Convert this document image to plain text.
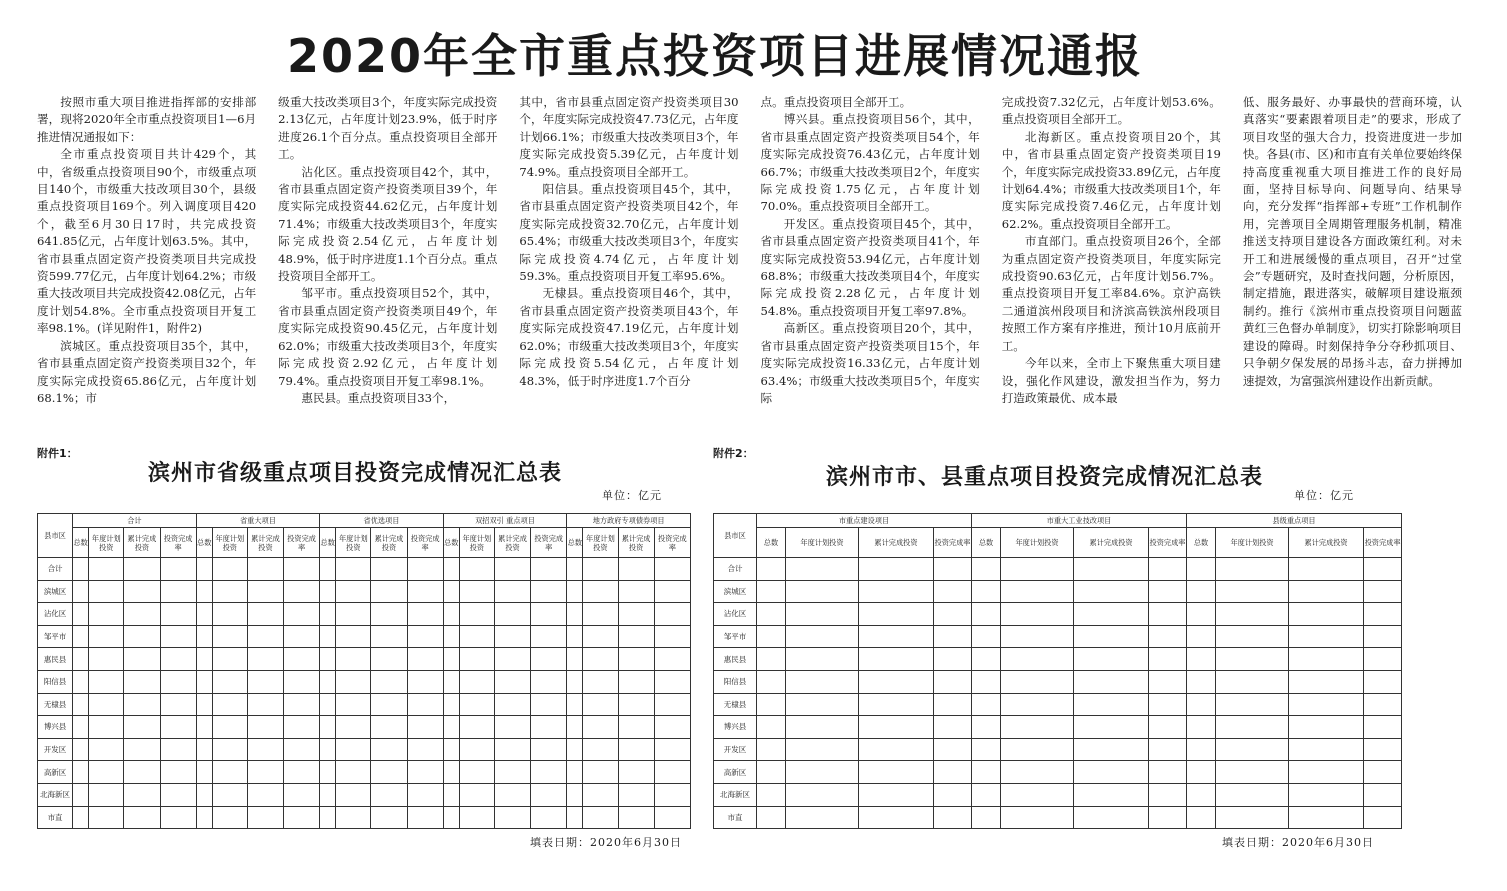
2020年全市重点投资项目进展情况通报

按照市重大项目推进指挥部的安排部署，现将2020年全市重点投资项目1—6月推进情况通报如下：

全市重点投资项目共计429个，其中，省级重点投资项目90个，市级重点项目140个，市级重大技改项目30个，县级重点投资项目169个。列入调度项目420个，截至6月30日17时，共完成投资641.85亿元，占年度计划63.5%。其中，省市县重点固定资产投资类项目共完成投资599.77亿元，占年度计划64.2%；市级重大技改项目共完成投资42.08亿元，占年度计划54.8%。全市重点投资项目开复工率98.1%。(详见附件1，附件2)

滨城区。重点投资项目35个，其中，省市县重点固定资产投资类项目32个，年度实际完成投资65.86亿元，占年度计划68.1%；市

级重大技改类项目3个，年度实际完成投资2.13亿元，占年度计划23.9%，低于时序进度26.1个百分点。重点投资项目全部开工。

沾化区。重点投资项目42个，其中，省市县重点固定资产投资类项目39个，年度实际完成投资44.62亿元，占年度计划71.4%；市级重大技改类项目3个，年度实际完成投资2.54亿元，占年度计划48.9%，低于时序进度1.1个百分点。重点投资项目全部开工。

邹平市。重点投资项目52个，其中，省市县重点固定资产投资类项目49个，年度实际完成投资90.45亿元，占年度计划62.0%；市级重大技改类项目3个，年度实际完成投资2.92亿元，占年度计划79.4%。重点投资项目开复工率98.1%。

惠民县。重点投资项目33个，

其中，省市县重点固定资产投资类项目30个，年度实际完成投资47.73亿元，占年度计划66.1%；市级重大技改类项目3个，年度实际完成投资5.39亿元，占年度计划74.9%。重点投资项目全部开工。

阳信县。重点投资项目45个，其中，省市县重点固定资产投资类项目42个，年度实际完成投资32.70亿元，占年度计划65.4%；市级重大技改类项目3个，年度实际完成投资4.74亿元，占年度计划59.3%。重点投资项目开复工率95.6%。

无棣县。重点投资项目46个，其中，省市县重点固定资产投资类项目43个，年度实际完成投资47.19亿元，占年度计划62.0%；市级重大技改类项目3个，年度实际完成投资5.54亿元，占年度计划48.3%，低于时序进度1.7个百分

点。重点投资项目全部开工。

博兴县。重点投资项目56个，其中，省市县重点固定资产投资类项目54个，年度实际完成投资76.43亿元，占年度计划66.7%；市级重大技改类项目2个，年度实际完成投资1.75亿元，占年度计划70.0%。重点投资项目全部开工。

开发区。重点投资项目45个，其中，省市县重点固定资产投资类项目41个，年度实际完成投资53.94亿元，占年度计划68.8%；市级重大技改类项目4个，年度实际完成投资2.28亿元，占年度计划54.8%。重点投资项目开复工率97.8%。

高新区。重点投资项目20个，其中，省市县重点固定资产投资类项目15个，年度实际完成投资16.33亿元，占年度计划63.4%；市级重大技改类项目5个，年度实际

完成投资7.32亿元，占年度计划53.6%。重点投资项目全部开工。

北海新区。重点投资项目20个，其中，省市县重点固定资产投资类项目19个，年度实际完成投资33.89亿元，占年度计划64.4%；市级重大技改类项目1个，年度实际完成投资7.46亿元，占年度计划62.2%。重点投资项目全部开工。

市直部门。重点投资项目26个，全部为重点固定资产投资类项目，年度实际完成投资90.63亿元，占年度计划56.7%。重点投资项目开复工率84.6%。京沪高铁二通道滨州段项目和济滨高铁滨州段项目按照工作方案有序推进，预计10月底前开工。

今年以来，全市上下聚焦重大项目建设，强化作风建设，激发担当作为，努力打造政策最优、成本最

低、服务最好、办事最快的营商环境，认真落实“要素跟着项目走”的要求，形成了项目攻坚的强大合力，投资进度进一步加快。各县(市、区)和市直有关单位要始终保持高度重视重大项目推进工作的良好局面，坚持目标导向、问题导向、结果导向，充分发挥“指挥部+专班”工作机制作用，完善项目全周期管理服务机制，精准推送支持项目建设各方面政策红利。对未开工和进展缓慢的重点项目，召开“过堂会”专题研究，及时查找问题，分析原因，制定措施，跟进落实，破解项目建设瓶颈制约。推行《滨州市重点投资项目问题蓝黄红三色督办单制度》，切实打除影响项目建设的障碍。时刻保持争分夺秒抓项目、只争朝夕保发展的昂扬斗志，奋力拼搏加速提效，为富强滨州建设作出新贡献。

附件1：
滨州市省级重点项目投资完成情况汇总表
单位：亿元
县市区	合计				省重大项目				省优选项目				双招双引 重点项目				地方政府专项债券项目			
	总数	年度计划投资	累计完成投资	投资完成率	总数	年度计划投资	累计完成投资	投资完成率	总数	年度计划投资	累计完成投资	投资完成率	总数	年度计划投资	累计完成投资	投资完成率	总数	年度计划投资	累计完成投资	投资完成率
合计																				
滨城区																				
沾化区																				
邹平市																				
惠民县																				
阳信县																				
无棣县																				
博兴县																				
开发区																				
高新区																				
北海新区																				
市直																				
填表日期：2020年6月30日
附件2：
滨州市市、县重点项目投资完成情况汇总表
单位：亿元
县市区	市重点建设项目				市重大工业技改项目				县级重点项目			
	总数	年度计划投资	累计完成投资	投资完成率	总数	年度计划投资	累计完成投资	投资完成率	总数	年度计划投资	累计完成投资	投资完成率
合计												
滨城区												
沾化区												
邹平市												
惠民县												
阳信县												
无棣县												
博兴县												
开发区												
高新区												
北海新区												
市直												
填表日期：2020年6月30日
